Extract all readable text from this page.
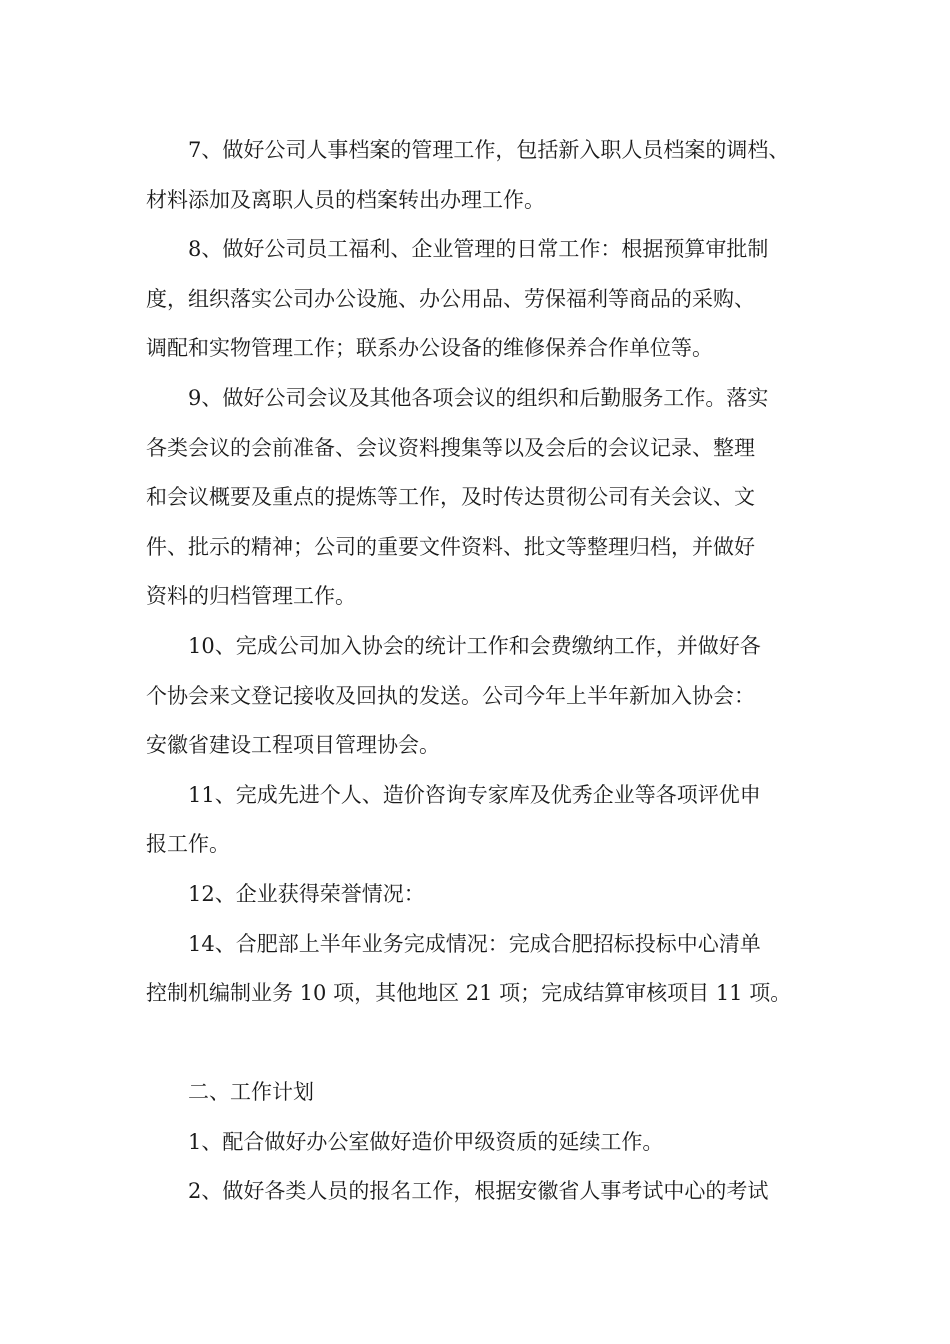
7、做好公司人事档案的管理工作，包括新入职人员档案的调档、
材料添加及离职人员的档案转出办理工作。

8、做好公司员工福利、企业管理的日常工作：根据预算审批制
度，组织落实公司办公设施、办公用品、劳保福利等商品的采购、
调配和实物管理工作；联系办公设备的维修保养合作单位等。

9、做好公司会议及其他各项会议的组织和后勤服务工作。落实
各类会议的会前准备、会议资料搜集等以及会后的会议记录、整理
和会议概要及重点的提炼等工作，及时传达贯彻公司有关会议、文
件、批示的精神；公司的重要文件资料、批文等整理归档，并做好
资料的归档管理工作。

10、完成公司加入协会的统计工作和会费缴纳工作，并做好各
个协会来文登记接收及回执的发送。公司今年上半年新加入协会：
安徽省建设工程项目管理协会。

11、完成先进个人、造价咨询专家库及优秀企业等各项评优申
报工作。

12、企业获得荣誉情况：

14、合肥部上半年业务完成情况：完成合肥招标投标中心清单
控制机编制业务 10 项，其他地区 21 项；完成结算审核项目 11 项。

二、工作计划

1、配合做好办公室做好造价甲级资质的延续工作。

2、做好各类人员的报名工作，根据安徽省人事考试中心的考试
